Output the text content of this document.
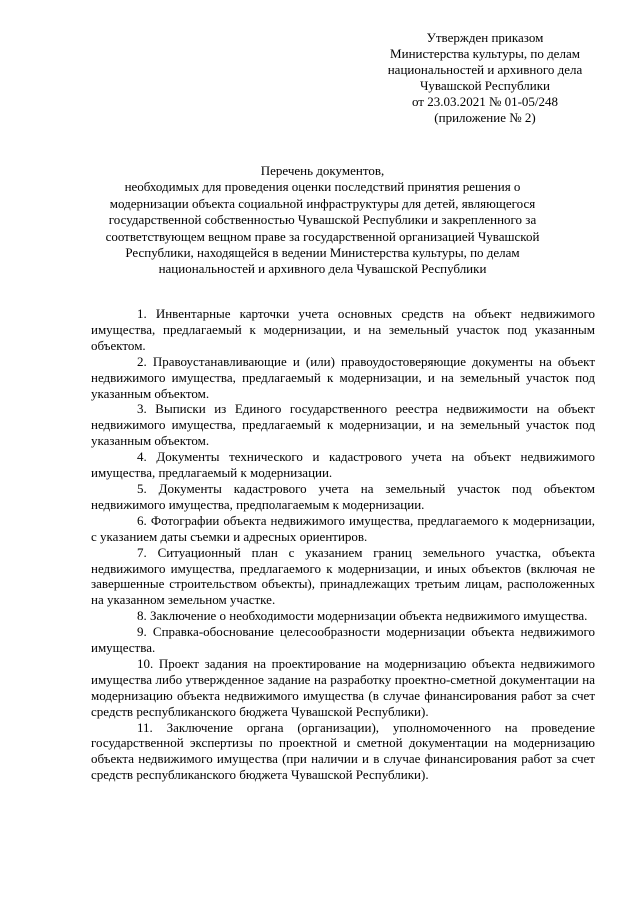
Утвержден приказом
Министерства культуры, по делам
национальностей и архивного дела
Чувашской Республики
от 23.03.2021 № 01-05/248
(приложение № 2)
Перечень документов,
необходимых для проведения оценки последствий принятия решения о
модернизации объекта социальной инфраструктуры для детей, являющегося
государственной собственностью Чувашской Республики и закрепленного за
соответствующем вещном праве за государственной организацией Чувашской
Республики, находящейся в ведении Министерства культуры, по делам
национальностей и архивного дела Чувашской Республики

1. Инвентарные карточки учета основных средств на объект недвижимого имущества, предлагаемый к модернизации, и на земельный участок под указанным объектом.

2. Правоустанавливающие и (или) правоудостоверяющие документы на объект недвижимого имущества, предлагаемый к модернизации, и на земельный участок под указанным объектом.

3. Выписки из Единого государственного реестра недвижимости на объект недвижимого имущества, предлагаемый к модернизации, и на земельный участок под указанным объектом.

4. Документы технического и кадастрового учета на объект недвижимого имущества, предлагаемый к модернизации.

5. Документы кадастрового учета на земельный участок под объектом недвижимого имущества, предполагаемым к модернизации.

6. Фотографии объекта недвижимого имущества, предлагаемого к модернизации, с указанием даты съемки и адресных ориентиров.

7. Ситуационный план с указанием границ земельного участка, объекта недвижимого имущества, предлагаемого к модернизации, и иных объектов (включая не завершенные строительством объекты), принадлежащих третьим лицам, расположенных на указанном земельном участке.

8. Заключение о необходимости модернизации объекта недвижимого имущества.

9. Справка-обоснование целесообразности модернизации объекта недвижимого имущества.

10. Проект задания на проектирование на модернизацию объекта недвижимого имущества либо утвержденное задание на разработку проектно-сметной документации на модернизацию объекта недвижимого имущества (в случае финансирования работ за счет средств республиканского бюджета Чувашской Республики).

11. Заключение органа (организации), уполномоченного на проведение государственной экспертизы по проектной и сметной документации на модернизацию объекта недвижимого имущества (при наличии и в случае финансирования работ за счет средств республиканского бюджета Чувашской Республики).
